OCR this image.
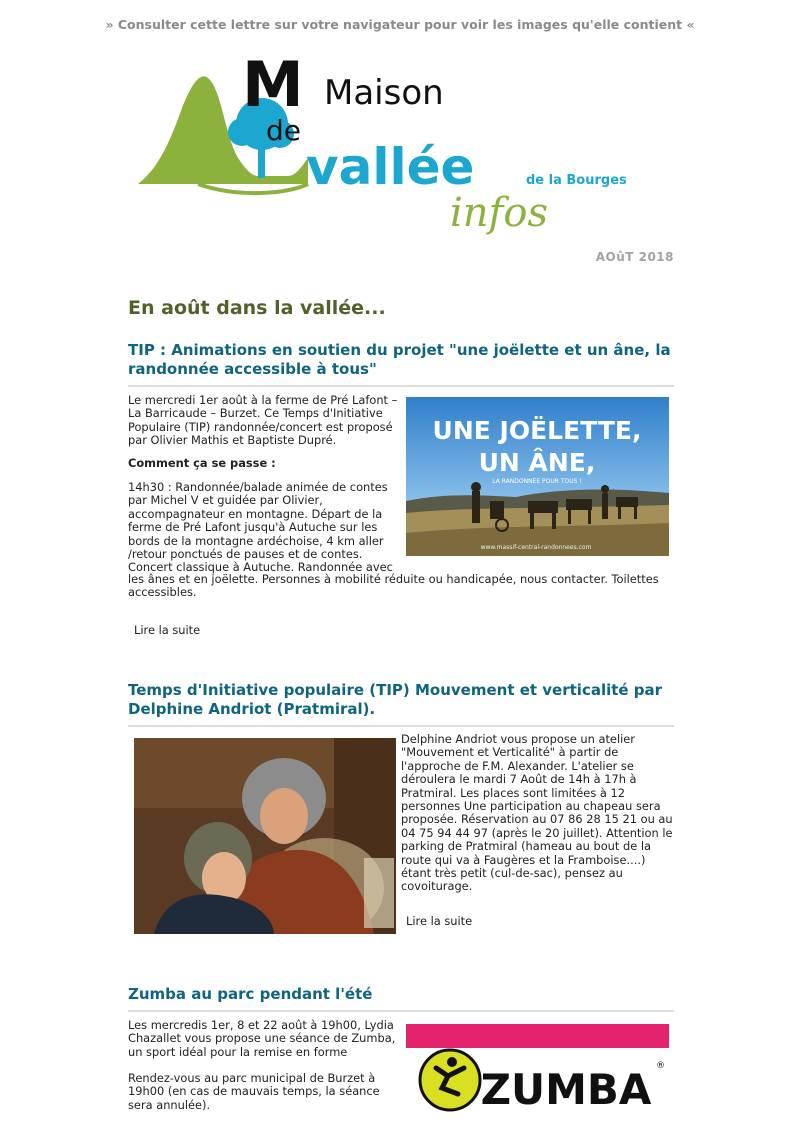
» Consulter cette lettre sur votre navigateur pour voir les images qu'elle contient «
M Maison
de
vallée	de la Bourges
infos
AOûT 2018
En août dans la vallée...
TIP : Animations en soutien du projet "une joëlette et un âne, la
randonnée accessible à tous"
Le mercredi 1er août à la ferme de Pré Lafont –
La Barricaude – Burzet. Ce Temps d'Initiative
Populaire (TIP) randonnée/concert est proposé
par Olivier Mathis et Baptiste Dupré.
Comment ça se passe :
14h30 : Randonnée/balade animée de contes
par Michel V et guidée par Olivier,
accompagnateur en montagne. Départ de la
ferme de Pré Lafont jusqu'à Autuche sur les
bords de la montagne ardéchoise, 4 km aller
/retour ponctués de pauses et de contes.
Concert classique à Autuche. Randonnée avec
les ânes et en joëlette. Personnes à mobilité réduite ou handicapée, nous contacter. Toilettes
accessibles.
UNE JOËLETTE,
UN ÂNE,
LA RANDONNEE POUR TOUS !
www.massif-central-randonnees.com
Lire la suite
Temps d'Initiative populaire (TIP) Mouvement et verticalité par
Delphine Andriot (Pratmiral).
Delphine Andriot vous propose un atelier
"Mouvement et Verticalité" à partir de
l'approche de F.M. Alexander. L'atelier se
déroulera le mardi 7 Août de 14h à 17h à
Pratmiral. Les places sont limitées à 12
personnes Une participation au chapeau sera
proposée. Réservation au 07 86 28 15 21 ou au
04 75 94 44 97 (après le 20 juillet). Attention le
parking de Pratmiral (hameau au bout de la
route qui va à Faugères et la Framboise....)
étant très petit (cul-de-sac), pensez au
covoiturage.
Lire la suite
Zumba au parc pendant l'été
Les mercredis 1er, 8 et 22 août à 19h00, Lydia
Chazallet vous propose une séance de Zumba,
un sport idéal pour la remise en forme
Rendez-vous au parc municipal de Burzet à
19h00 (en cas de mauvais temps, la séance
sera annulée).	ZUMBA ®
